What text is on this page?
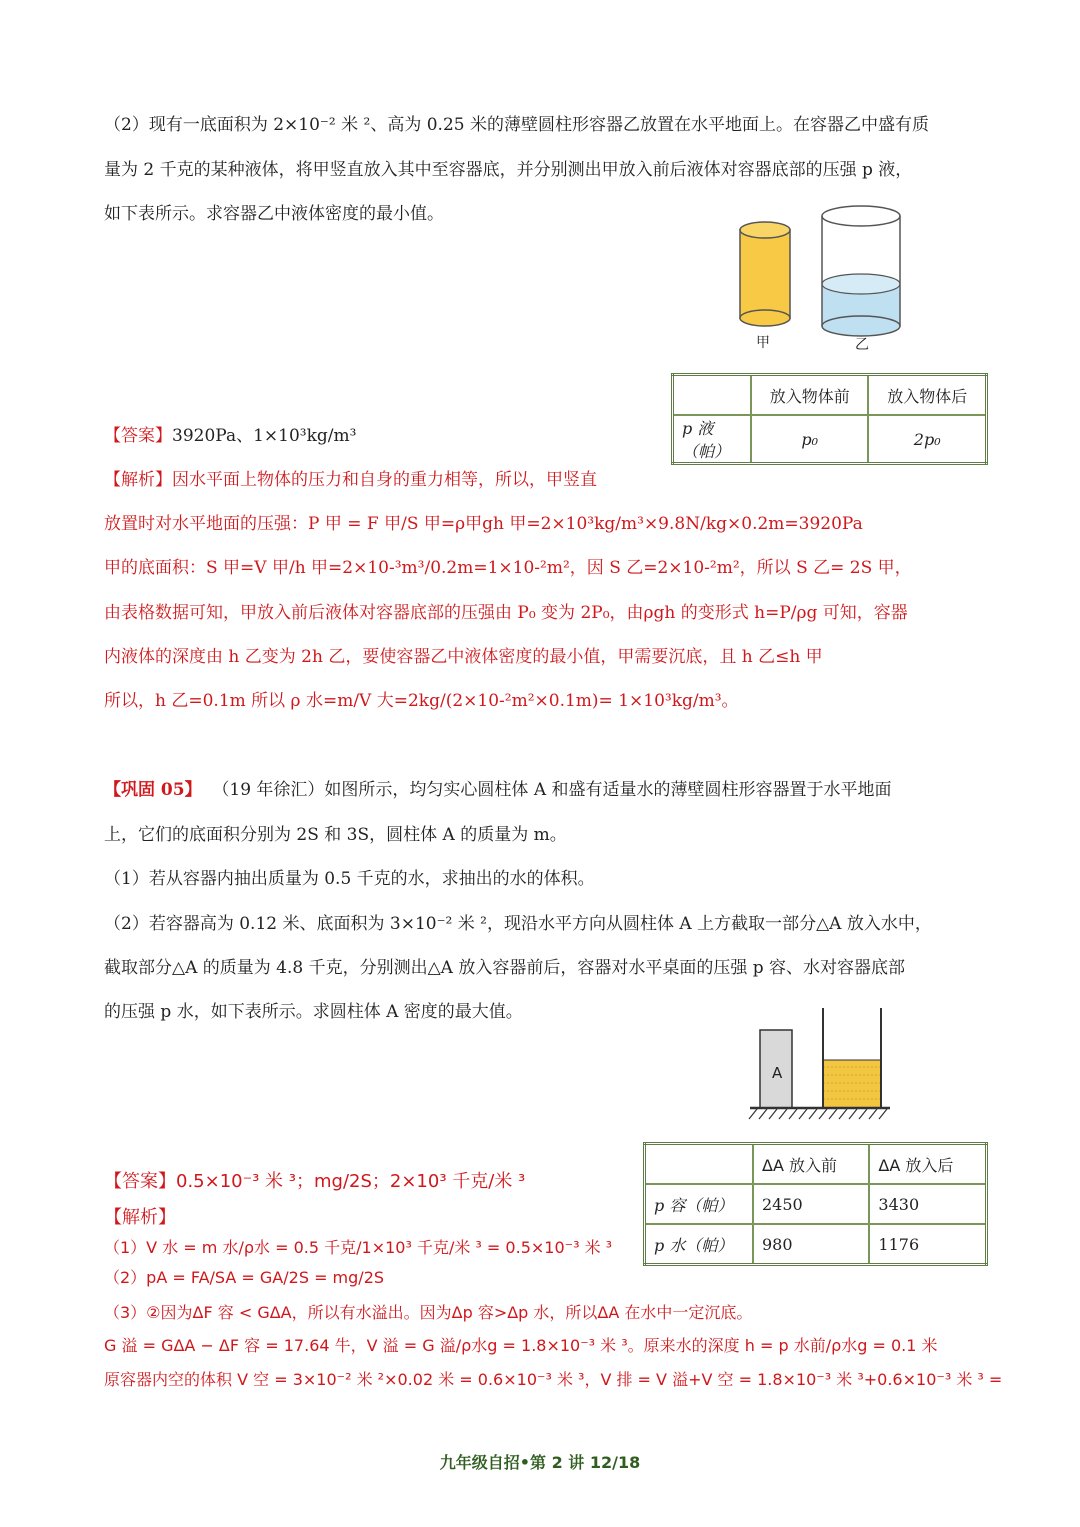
（2）现有一底面积为 2×10⁻² 米 ²、高为 0.25 米的薄壁圆柱形容器乙放置在水平地面上。在容器乙中盛有质
量为 2 千克的某种液体，将甲竖直放入其中至容器底，并分别测出甲放入前后液体对容器底部的压强 p 液，
如下表所示。求容器乙中液体密度的最小值。
甲	乙
	放入物体前	放入物体后
p 液（帕）	p₀	2p₀
【答案】3920Pa、1×10³kg/m³
【解析】因水平面上物体的压力和自身的重力相等，所以，甲竖直
放置时对水平地面的压强：P 甲 = F 甲/S 甲=ρ甲gh 甲=2×10³kg/m³×9.8N/kg×0.2m=3920Pa
甲的底面积：S 甲=V 甲/h 甲=2×10-³m³/0.2m=1×10-²m²，因 S 乙=2×10-²m²，所以 S 乙= 2S 甲，
由表格数据可知，甲放入前后液体对容器底部的压强由 P₀ 变为 2P₀，由ρgh 的变形式 h=P/ρg 可知，容器
内液体的深度由 h 乙变为 2h 乙，要使容器乙中液体密度的最小值，甲需要沉底，且 h 乙≤h 甲
所以，h 乙=0.1m 所以 ρ 水=m/V 大=2kg/(2×10-²m²×0.1m)= 1×10³kg/m³。
【巩固 05】 （19 年徐汇）如图所示，均匀实心圆柱体 A 和盛有适量水的薄壁圆柱形容器置于水平地面
上，它们的底面积分别为 2S 和 3S，圆柱体 A 的质量为 m。
（1）若从容器内抽出质量为 0.5 千克的水，求抽出的水的体积。
（2）若容器高为 0.12 米、底面积为 3×10⁻² 米 ²，现沿水平方向从圆柱体 A 上方截取一部分△A 放入水中，
截取部分△A 的质量为 4.8 千克，分别测出△A 放入容器前后，容器对水平桌面的压强 p 容、水对容器底部
的压强 p 水，如下表所示。求圆柱体 A 密度的最大值。
A
	ΔA 放入前	ΔA 放入后
p 容（帕）	2450	3430
p 水（帕）	980	1176
【答案】0.5×10⁻³ 米 ³；mg/2S；2×10³ 千克/米 ³
【解析】
（1）V 水 = m 水/ρ水 = 0.5 千克/1×10³ 千克/米 ³ = 0.5×10⁻³ 米 ³
（2）pA = FA/SA = GA/2S = mg/2S
（3）②因为ΔF 容 < GΔA，所以有水溢出。因为Δp 容>Δp 水，所以ΔA 在水中一定沉底。
G 溢 = GΔA − ΔF 容 = 17.64 牛，V 溢 = G 溢/ρ水g = 1.8×10⁻³ 米 ³。原来水的深度 h = p 水前/ρ水g = 0.1 米
原容器内空的体积 V 空 = 3×10⁻² 米 ²×0.02 米 = 0.6×10⁻³ 米 ³，V 排 = V 溢+V 空 = 1.8×10⁻³ 米 ³+0.6×10⁻³ 米 ³ =
九年级自招•第 2 讲 12/18
